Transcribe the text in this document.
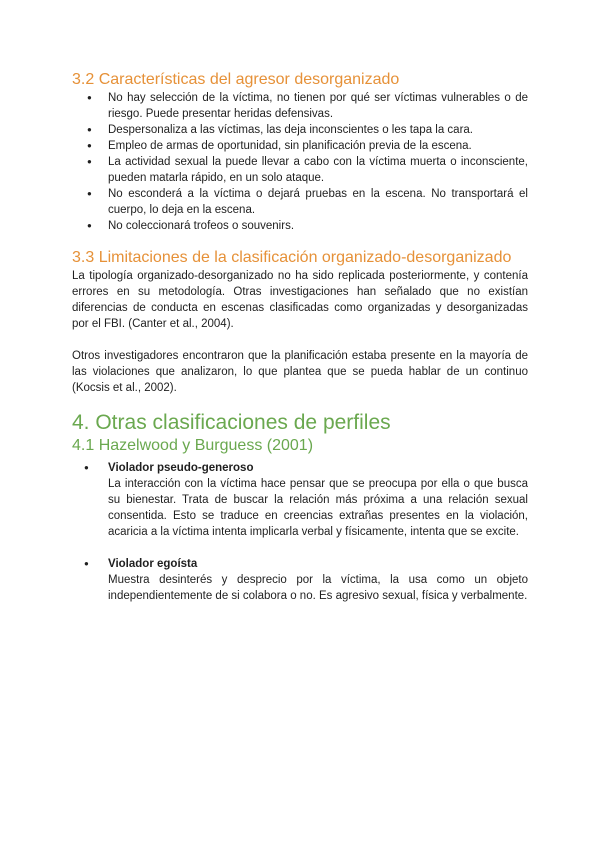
3.2 Características del agresor desorganizado
● No hay selección de la víctima, no tienen por qué ser víctimas vulnerables o de riesgo. Puede presentar heridas defensivas.
● Despersonaliza a las víctimas, las deja inconscientes o les tapa la cara.
● Empleo de armas de oportunidad, sin planificación previa de la escena.
● La actividad sexual la puede llevar a cabo con la víctima muerta o inconsciente, pueden matarla rápido, en un solo ataque.
● No esconderá a la víctima o dejará pruebas en la escena. No transportará el cuerpo, lo deja en la escena.
● No coleccionará trofeos o souvenirs.
3.3 Limitaciones de la clasificación organizado-desorganizado

La tipología organizado-desorganizado no ha sido replicada posteriormente, y contenía errores en su metodología. Otras investigaciones han señalado que no existían diferencias de conducta en escenas clasificadas como organizadas y desorganizadas por el FBI. (Canter et al., 2004).

Otros investigadores encontraron que la planificación estaba presente en la mayoría de las violaciones que analizaron, lo que plantea que se pueda hablar de un continuo (Kocsis et al., 2002).

4. Otras clasificaciones de perfiles
4.1 Hazelwood y Burguess (2001)
● Violador pseudo-generoso

La interacción con la víctima hace pensar que se preocupa por ella o que busca su bienestar. Trata de buscar la relación más próxima a una relación sexual consentida. Esto se traduce en creencias extrañas presentes en la violación, acaricia a la víctima intenta implicarla verbal y físicamente, intenta que se excite.

● Violador egoísta

Muestra desinterés y desprecio por la víctima, la usa como un objeto independientemente de si colabora o no. Es agresivo sexual, física y verbalmente.
